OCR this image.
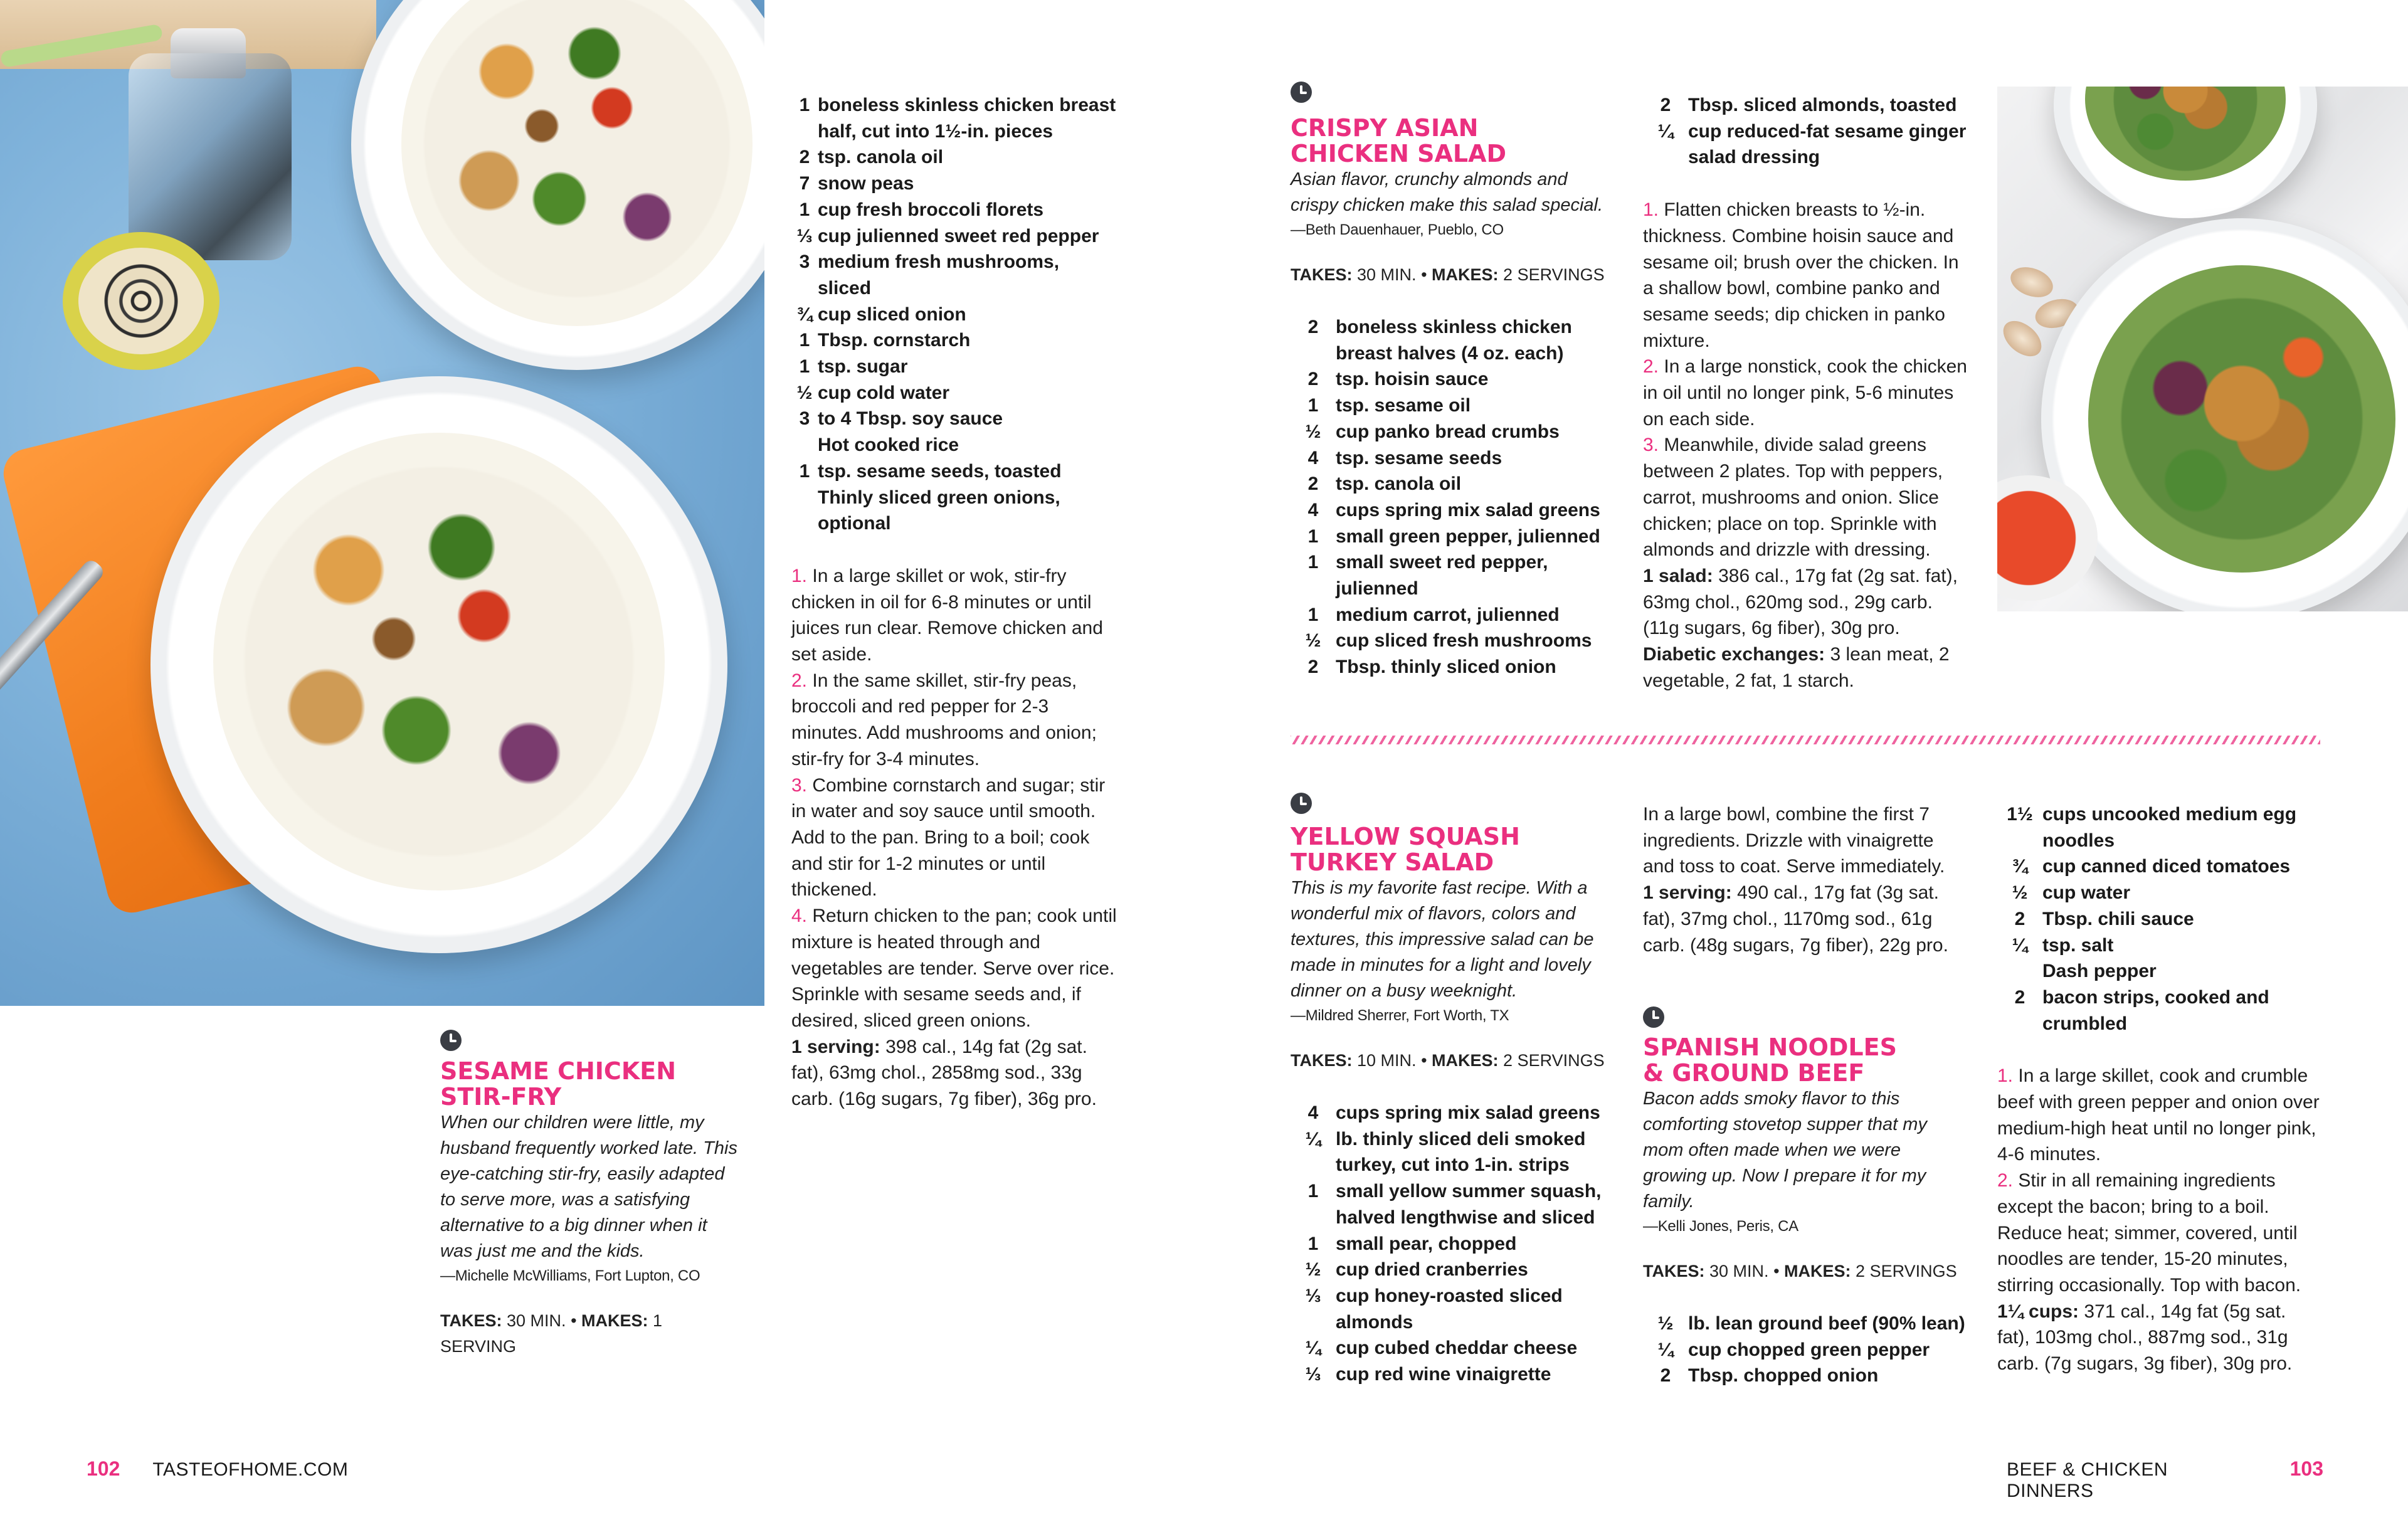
SESAME CHICKEN
STIR-FRY
When our children were little, my husband frequently worked late. This eye-catching stir-fry, easily adapted to serve more, was a satisfying alternative to a big dinner when it was just me and the kids.
—Michelle McWilliams, Fort Lupton, CO
TAKES: 30 MIN. • MAKES: 1 SERVING
1 boneless skinless chicken breast half, cut into 1½-in. pieces
2 tsp. canola oil
7 snow peas
1 cup fresh broccoli florets
⅓ cup julienned sweet red pepper
3 medium fresh mushrooms, sliced
¾ cup sliced onion
1 Tbsp. cornstarch
1 tsp. sugar
½ cup cold water
3 to 4 Tbsp. soy sauce
Hot cooked rice
1 tsp. sesame seeds, toasted
Thinly sliced green onions, optional
1. In a large skillet or wok, stir-fry chicken in oil for 6-8 minutes or until juices run clear. Remove chicken and set aside.
2. In the same skillet, stir-fry peas, broccoli and red pepper for 2-3 minutes. Add mushrooms and onion; stir-fry for 3-4 minutes.
3. Combine cornstarch and sugar; stir in water and soy sauce until smooth. Add to the pan. Bring to a boil; cook and stir for 1-2 minutes or until thickened.
4. Return chicken to the pan; cook until mixture is heated through and vegetables are tender. Serve over rice. Sprinkle with sesame seeds and, if desired, sliced green onions.
1 serving: 398 cal., 14g fat (2g sat. fat), 63mg chol., 2858mg sod., 33g carb. (16g sugars, 7g fiber), 36g pro.
CRISPY ASIAN
CHICKEN SALAD
Asian flavor, crunchy almonds and crispy chicken make this salad special.
—Beth Dauenhauer, Pueblo, CO
TAKES: 30 MIN. • MAKES: 2 SERVINGS
2 boneless skinless chicken breast halves (4 oz. each)
2 tsp. hoisin sauce
1 tsp. sesame oil
½ cup panko bread crumbs
4 tsp. sesame seeds
2 tsp. canola oil
4 cups spring mix salad greens
1 small green pepper, julienned
1 small sweet red pepper, julienned
1 medium carrot, julienned
½ cup sliced fresh mushrooms
2 Tbsp. thinly sliced onion
2 Tbsp. sliced almonds, toasted
¼ cup reduced-fat sesame ginger salad dressing
1. Flatten chicken breasts to ½-in. thickness. Combine hoisin sauce and sesame oil; brush over the chicken. In a shallow bowl, combine panko and sesame seeds; dip chicken in panko mixture.
2. In a large nonstick, cook the chicken in oil until no longer pink, 5-6 minutes on each side.
3. Meanwhile, divide salad greens between 2 plates. Top with peppers, carrot, mushrooms and onion. Slice chicken; place on top. Sprinkle with almonds and drizzle with dressing.
1 salad: 386 cal., 17g fat (2g sat. fat), 63mg chol., 620mg sod., 29g carb. (11g sugars, 6g fiber), 30g pro.
Diabetic exchanges: 3 lean meat, 2 vegetable, 2 fat, 1 starch.
YELLOW SQUASH
TURKEY SALAD
This is my favorite fast recipe. With a wonderful mix of flavors, colors and textures, this impressive salad can be made in minutes for a light and lovely dinner on a busy weeknight.
—Mildred Sherrer, Fort Worth, TX
TAKES: 10 MIN. • MAKES: 2 SERVINGS
4 cups spring mix salad greens
¼ lb. thinly sliced deli smoked turkey, cut into 1-in. strips
1 small yellow summer squash, halved lengthwise and sliced
1 small pear, chopped
½ cup dried cranberries
⅓ cup honey-roasted sliced almonds
¼ cup cubed cheddar cheese
⅓ cup red wine vinaigrette
In a large bowl, combine the first 7 ingredients. Drizzle with vinaigrette and toss to coat. Serve immediately.
1 serving: 490 cal., 17g fat (3g sat. fat), 37mg chol., 1170mg sod., 61g carb. (48g sugars, 7g fiber), 22g pro.
SPANISH NOODLES
& GROUND BEEF
Bacon adds smoky flavor to this comforting stovetop supper that my mom often made when we were growing up. Now I prepare it for my family.
—Kelli Jones, Peris, CA
TAKES: 30 MIN. • MAKES: 2 SERVINGS
½ lb. lean ground beef (90% lean)
¼ cup chopped green pepper
2 Tbsp. chopped onion
1½ cups uncooked medium egg noodles
¾ cup canned diced tomatoes
½ cup water
2 Tbsp. chili sauce
¼ tsp. salt
Dash pepper
2 bacon strips, cooked and crumbled
1. In a large skillet, cook and crumble beef with green pepper and onion over medium-high heat until no longer pink, 4-6 minutes.
2. Stir in all remaining ingredients except the bacon; bring to a boil. Reduce heat; simmer, covered, until noodles are tender, 15-20 minutes, stirring occasionally. Top with bacon.
1¼ cups: 371 cal., 14g fat (5g sat. fat), 103mg chol., 887mg sod., 31g carb. (7g sugars, 3g fiber), 30g pro.
102 TASTEOFHOME.COM	BEEF & CHICKEN DINNERS
103
